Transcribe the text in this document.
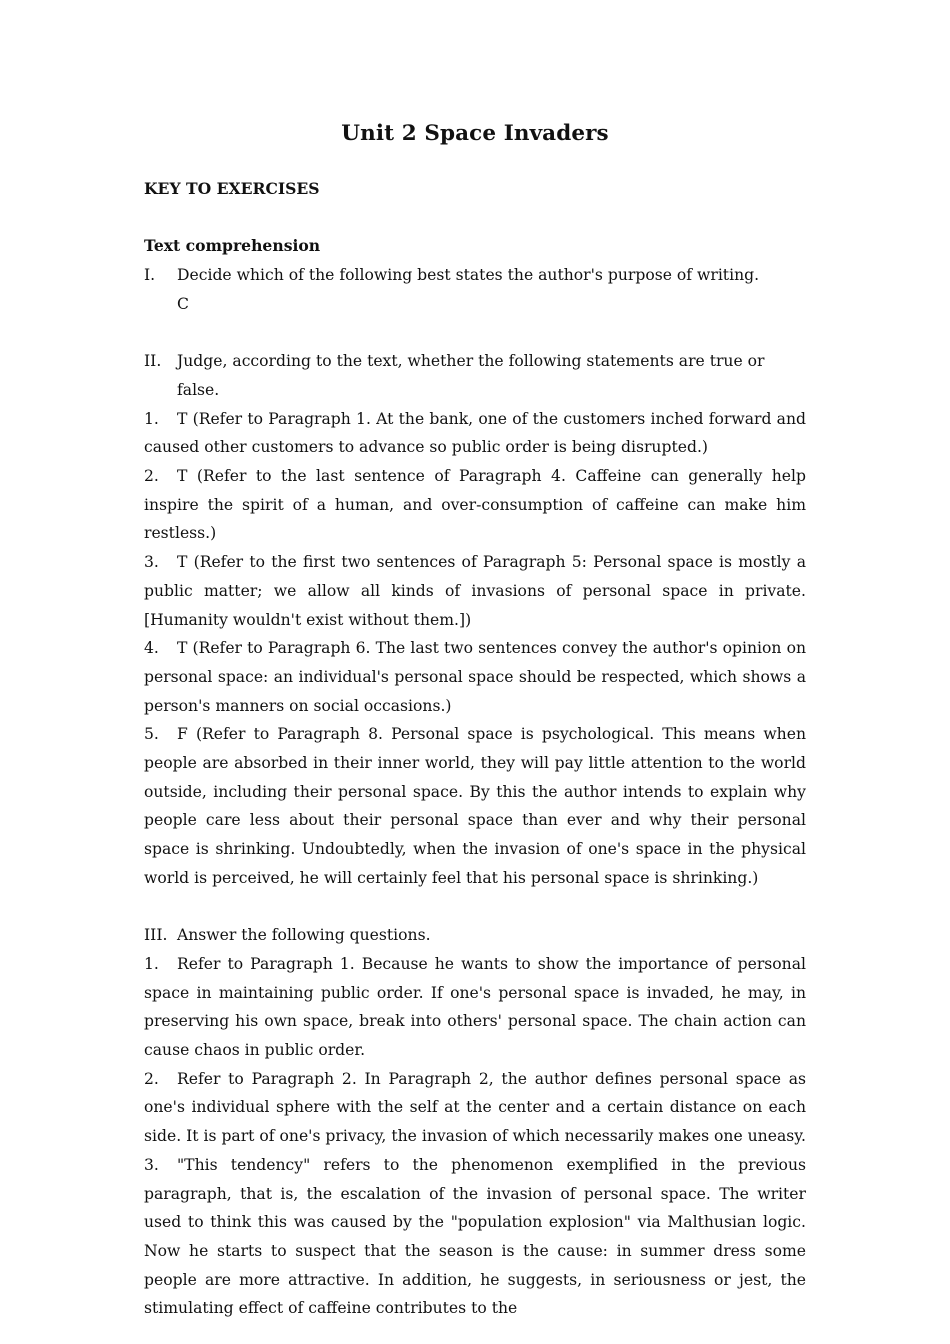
Unit 2 Space Invaders
KEY TO EXERCISES
Text comprehension
I.	Decide which of the following best states the author's purpose of writing.
C
II.	Judge, according to the text, whether the following statements are true or false.

1. T (Refer to Paragraph 1. At the bank, one of the customers inched forward and caused other customers to advance so public order is being disrupted.)

2. T (Refer to the last sentence of Paragraph 4. Caffeine can generally help inspire the spirit of a human, and over-consumption of caffeine can make him restless.)

3. T (Refer to the first two sentences of Paragraph 5: Personal space is mostly a public matter; we allow all kinds of invasions of personal space in private. [Humanity wouldn't exist without them.])

4. T (Refer to Paragraph 6. The last two sentences convey the author's opinion on personal space: an individual's personal space should be respected, which shows a person's manners on social occasions.)

5. F (Refer to Paragraph 8. Personal space is psychological. This means when people are absorbed in their inner world, they will pay little attention to the world outside, including their personal space. By this the author intends to explain why people care less about their personal space than ever and why their personal space is shrinking. Undoubtedly, when the invasion of one's space in the physical world is perceived, he will certainly feel that his personal space is shrinking.)

III. Answer the following questions.

1. Refer to Paragraph 1. Because he wants to show the importance of personal space in maintaining public order. If one's personal space is invaded, he may, in preserving his own space, break into others' personal space. The chain action can cause chaos in public order.

2. Refer to Paragraph 2. In Paragraph 2, the author defines personal space as one's individual sphere with the self at the center and a certain distance on each side. It is part of one's privacy, the invasion of which necessarily makes one uneasy.

3. "This tendency" refers to the phenomenon exemplified in the previous paragraph, that is, the escalation of the invasion of personal space. The writer used to think this was caused by the "population explosion" via Malthusian logic. Now he starts to suspect that the season is the cause: in summer dress some people are more attractive. In addition, he suggests, in seriousness or jest, the stimulating effect of caffeine contributes to the
